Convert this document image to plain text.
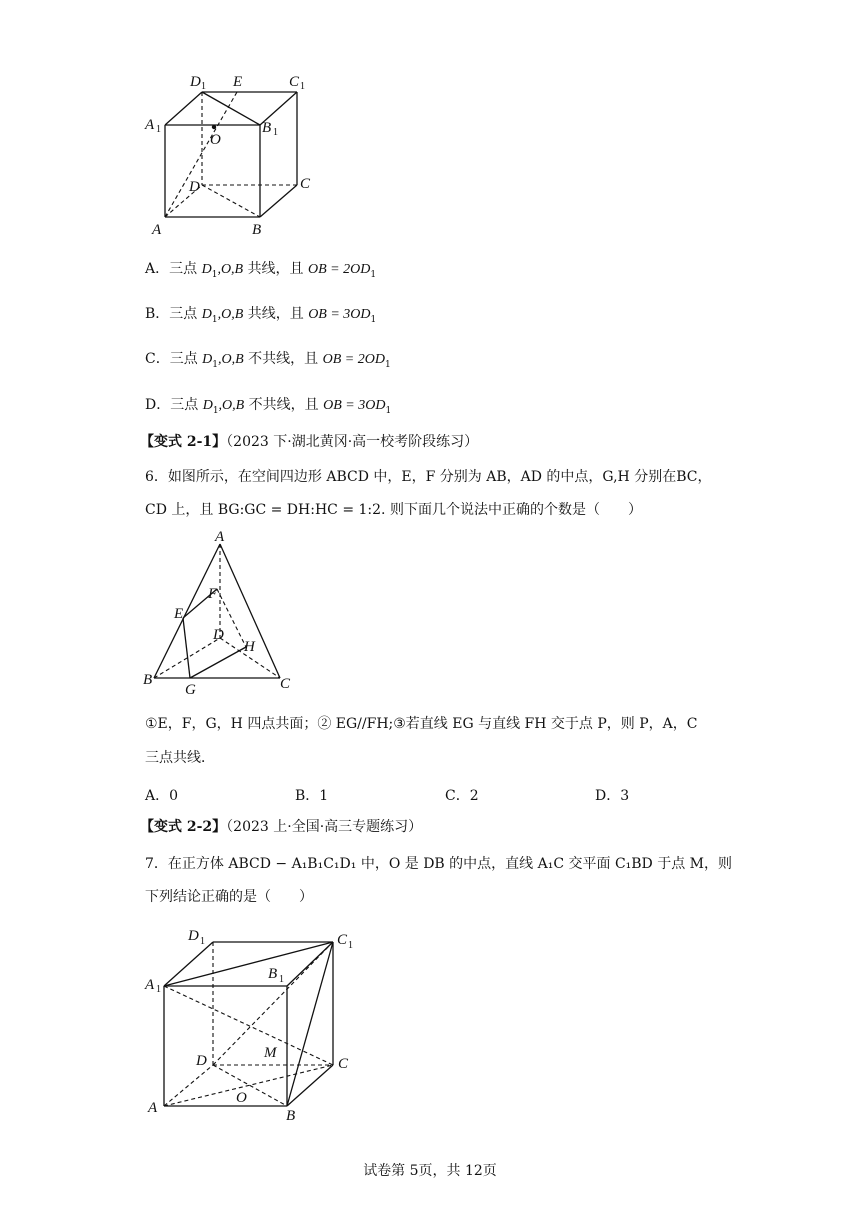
D 1 E	C 1
A 1	B 1
O
D	C
A	B
A．三点 $D_1,O,B$ 共线，且 OB = $2OD_1$
B．三点 $D_1,O,B$ 共线，且 OB = $3OD_1$
C．三点 $D_1,O,B$ 不共线，且 OB = $2OD_1$
D．三点 $D_1,O,B$ 不共线，且 OB = $3OD_1$
【变式 2-1】（2023 下·湖北黄冈·高一校考阶段练习）
6．如图所示，在空间四边形 ABCD 中，E，F 分别为 AB，AD 的中点，G,H 分别在BC，
CD 上，且 BG:GC = DH:HC = 1:2. 则下面几个说法中正确的个数是（　　）
A
F
E
D
H
B
G	C
①E，F，G，H 四点共面；② EG//FH;③若直线 EG 与直线 FH 交于点 P，则 P，A，C
三点共线．
A．0	B．1	C．2	D．3
【变式 2-2】（2023 上·全国·高三专题练习）
7．在正方体 ABCD − A₁B₁C₁D₁ 中，O 是 DB 的中点，直线 A₁C 交平面 C₁BD 于点 M，则
下列结论正确的是（　　）
D 1	C 1
A 1
B 1
D	M
C
A
O
B
试卷第 5页，共 12页
